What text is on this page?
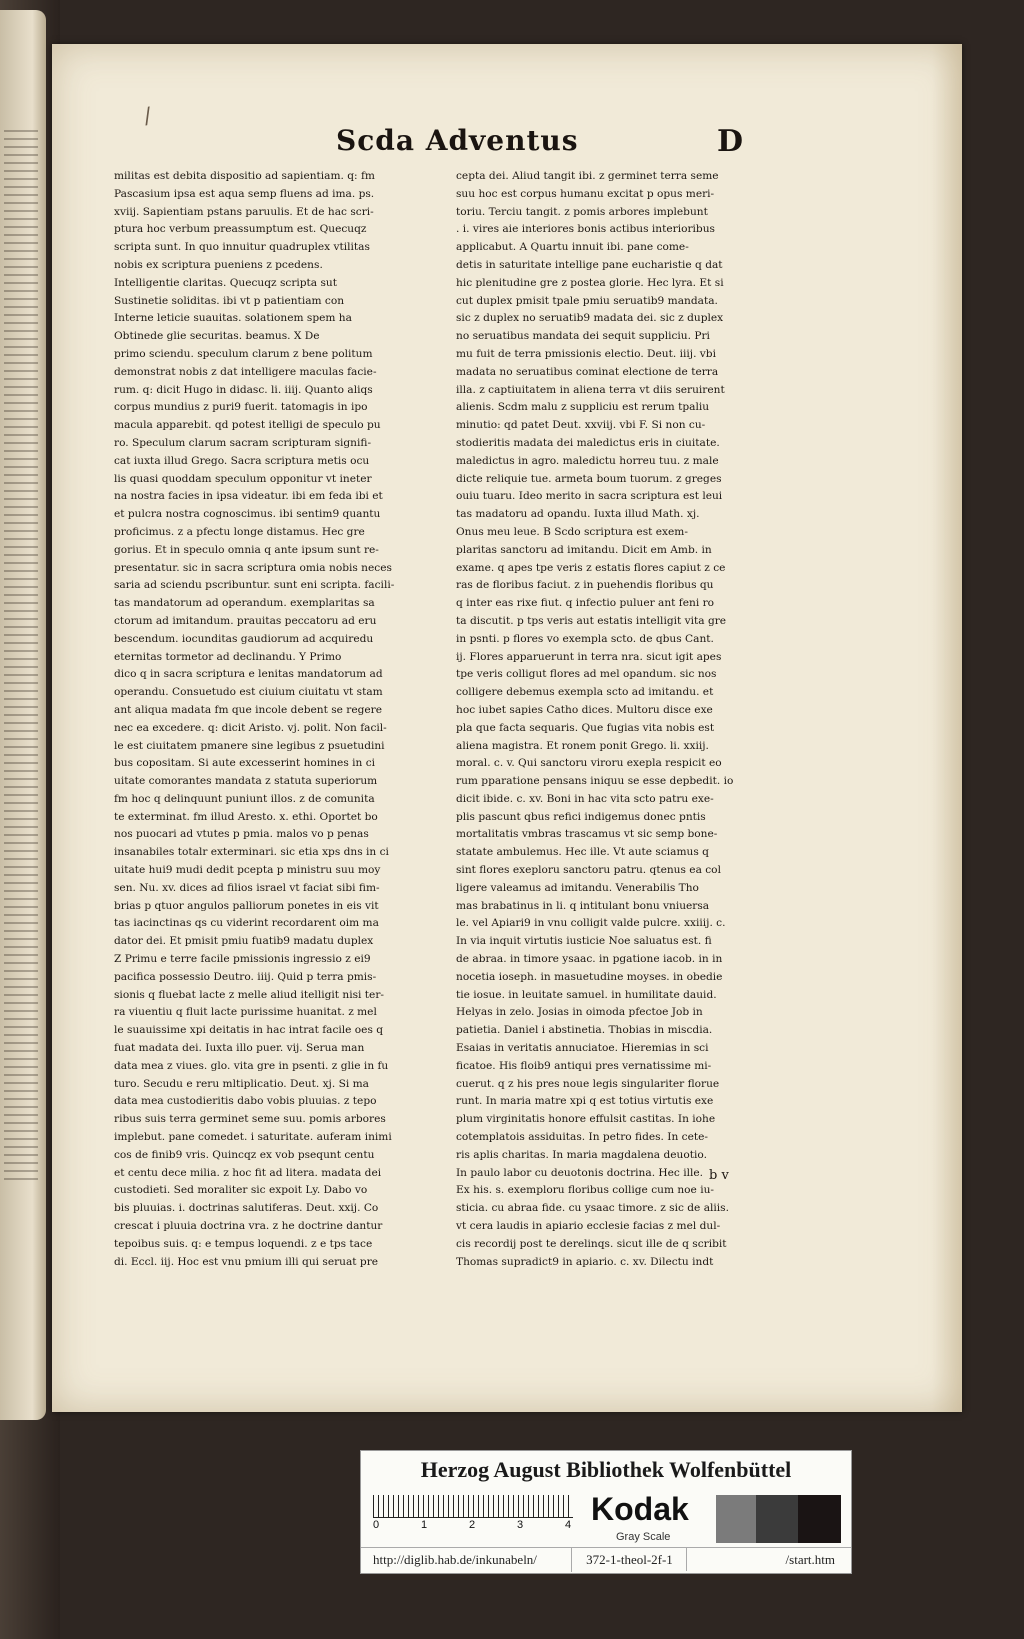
/
Scda Adventus	D

militas est debita dispositio ad sapientiam. q: fm

Pascasium ipsa est aqua semp fluens ad ima. ps.

xviij. Sapientiam pstans paruulis. Et de hac scri-

ptura hoc verbum preassumptum est. Quecuqz

scripta sunt. In quo innuitur quadruplex vtilitas

nobis ex scriptura pueniens z pcedens.

Intelligentie claritas. Quecuqz scripta sut

Sustinetie soliditas. ibi vt p patientiam con

Interne leticie suauitas. solationem spem ha

Obtinede glie securitas. beamus. X De

primo sciendu. speculum clarum z bene politum

demonstrat nobis z dat intelligere maculas facie-

rum. q: dicit Hugo in didasc. li. iiij. Quanto aliqs

corpus mundius z puri9 fuerit. tatomagis in ipo

macula apparebit. qd potest itelligi de speculo pu

ro. Speculum clarum sacram scripturam signifi-

cat iuxta illud Grego. Sacra scriptura metis ocu

lis quasi quoddam speculum opponitur vt ineter

na nostra facies in ipsa videatur. ibi em feda ibi et

et pulcra nostra cognoscimus. ibi sentim9 quantu

proficimus. z a pfectu longe distamus. Hec gre

gorius. Et in speculo omnia q ante ipsum sunt re-

presentatur. sic in sacra scriptura omia nobis neces

saria ad sciendu pscribuntur. sunt eni scripta. facili-

tas mandatorum ad operandum. exemplaritas sa

ctorum ad imitandum. prauitas peccatoru ad eru

bescendum. iocunditas gaudiorum ad acquiredu

eternitas tormetor ad declinandu. Y Primo

dico q in sacra scriptura e lenitas mandatorum ad

operandu. Consuetudo est ciuium ciuitatu vt stam

ant aliqua madata fm que incole debent se regere

nec ea excedere. q: dicit Aristo. vj. polit. Non facil-

le est ciuitatem pmanere sine legibus z psuetudini

bus copositam. Si aute excesserint homines in ci

uitate comorantes mandata z statuta superiorum

fm hoc q delinquunt puniunt illos. z de comunita

te exterminat. fm illud Aresto. x. ethi. Oportet bo

nos puocari ad vtutes p pmia. malos vo p penas

insanabiles totalr exterminari. sic etia xps dns in ci

uitate hui9 mudi dedit pcepta p ministru suu moy

sen. Nu. xv. dices ad filios israel vt faciat sibi fim-

brias p qtuor angulos palliorum ponetes in eis vit

tas iacinctinas qs cu viderint recordarent oim ma

dator dei. Et pmisit pmiu fuatib9 madatu duplex

Z Primu e terre facile pmissionis ingressio z ei9

pacifica possessio Deutro. iiij. Quid p terra pmis-

sionis q fluebat lacte z melle aliud itelligit nisi ter-

ra viuentiu q fluit lacte purissime huanitat. z mel

le suauissime xpi deitatis in hac intrat facile oes q

fuat madata dei. Iuxta illo puer. vij. Serua man

data mea z viues. glo. vita gre in psenti. z glie in fu

turo. Secudu e reru mltiplicatio. Deut. xj. Si ma

data mea custodieritis dabo vobis pluuias. z tepo

ribus suis terra germinet seme suu. pomis arbores

implebut. pane comedet. i saturitate. auferam inimi

cos de finib9 vris. Quincqz ex vob psequnt centu

et centu dece milia. z hoc fit ad litera. madata dei

custodieti. Sed moraliter sic expoit Ly. Dabo vo

bis pluuias. i. doctrinas salutiferas. Deut. xxij. Co

crescat i pluuia doctrina vra. z he doctrine dantur

tepoibus suis. q: e tempus loquendi. z e tps tace

di. Eccl. iij. Hoc est vnu pmium illi qui seruat pre

cepta dei. Aliud tangit ibi. z germinet terra seme

suu hoc est corpus humanu excitat p opus meri-

toriu. Terciu tangit. z pomis arbores implebunt

. i. vires aie interiores bonis actibus interioribus

applicabut. A Quartu innuit ibi. pane come-

detis in saturitate intellige pane eucharistie q dat

hic plenitudine gre z postea glorie. Hec lyra. Et si

cut duplex pmisit tpale pmiu seruatib9 mandata.

sic z duplex no seruatib9 madata dei. sic z duplex

no seruatibus mandata dei sequit suppliciu. Pri

mu fuit de terra pmissionis electio. Deut. iiij. vbi

madata no seruatibus cominat electione de terra

illa. z captiuitatem in aliena terra vt diis seruirent

alienis. Scdm malu z suppliciu est rerum tpaliu

minutio: qd patet Deut. xxviij. vbi F. Si non cu-

stodieritis madata dei maledictus eris in ciuitate.

maledictus in agro. maledictu horreu tuu. z male

dicte reliquie tue. armeta boum tuorum. z greges

ouiu tuaru. Ideo merito in sacra scriptura est leui

tas madatoru ad opandu. Iuxta illud Math. xj.

Onus meu leue. B Scdo scriptura est exem-

plaritas sanctoru ad imitandu. Dicit em Amb. in

exame. q apes tpe veris z estatis flores capiut z ce

ras de floribus faciut. z in puehendis floribus qu

q inter eas rixe fiut. q infectio puluer ant feni ro

ta discutit. p tps veris aut estatis intelligit vita gre

in psnti. p flores vo exempla scto. de qbus Cant.

ij. Flores apparuerunt in terra nra. sicut igit apes

tpe veris colligut flores ad mel opandum. sic nos

colligere debemus exempla scto ad imitandu. et

hoc iubet sapies Catho dices. Multoru disce exe

pla que facta sequaris. Que fugias vita nobis est

aliena magistra. Et ronem ponit Grego. li. xxiij.

moral. c. v. Qui sanctoru viroru exepla respicit eo

rum pparatione pensans iniquu se esse depbedit. io

dicit ibide. c. xv. Boni in hac vita scto patru exe-

plis pascunt qbus refici indigemus donec pntis

mortalitatis vmbras trascamus vt sic semp bone-

statate ambulemus. Hec ille. Vt aute sciamus q

sint flores exeploru sanctoru patru. qtenus ea col

ligere valeamus ad imitandu. Venerabilis Tho

mas brabatinus in li. q intitulant bonu vniuersa

le. vel Apiari9 in vnu colligit valde pulcre. xxiiij. c.

In via inquit virtutis iusticie Noe saluatus est. fi

de abraa. in timore ysaac. in pgatione iacob. in in

nocetia ioseph. in masuetudine moyses. in obedie

tie iosue. in leuitate samuel. in humilitate dauid.

Helyas in zelo. Josias in oimoda pfectoe Job in

patietia. Daniel i abstinetia. Thobias in miscdia.

Esaias in veritatis annuciatoe. Hieremias in sci

ficatoe. His floib9 antiqui pres vernatissime mi-

cuerut. q z his pres noue legis singulariter florue

runt. In maria matre xpi q est totius virtutis exe

plum virginitatis honore effulsit castitas. In iohe

cotemplatois assiduitas. In petro fides. In cete-

ris aplis charitas. In maria magdalena deuotio.

In paulo labor cu deuotonis doctrina. Hec ille.

Ex his. s. exemploru floribus collige cum noe iu-

sticia. cu abraa fide. cu ysaac timore. z sic de aliis.

vt cera laudis in apiario ecclesie facias z mel dul-

cis recordij post te derelinqs. sicut ille de q scribit

Thomas supradict9 in apiario. c. xv. Dilectu indt

b v
Herzog August Bibliothek Wolfenbüttel
0	1	2	3	4 Kodak
Gray Scale
http://diglib.hab.de/inkunabeln/	372-1-theol-2f-1	/start.htm
